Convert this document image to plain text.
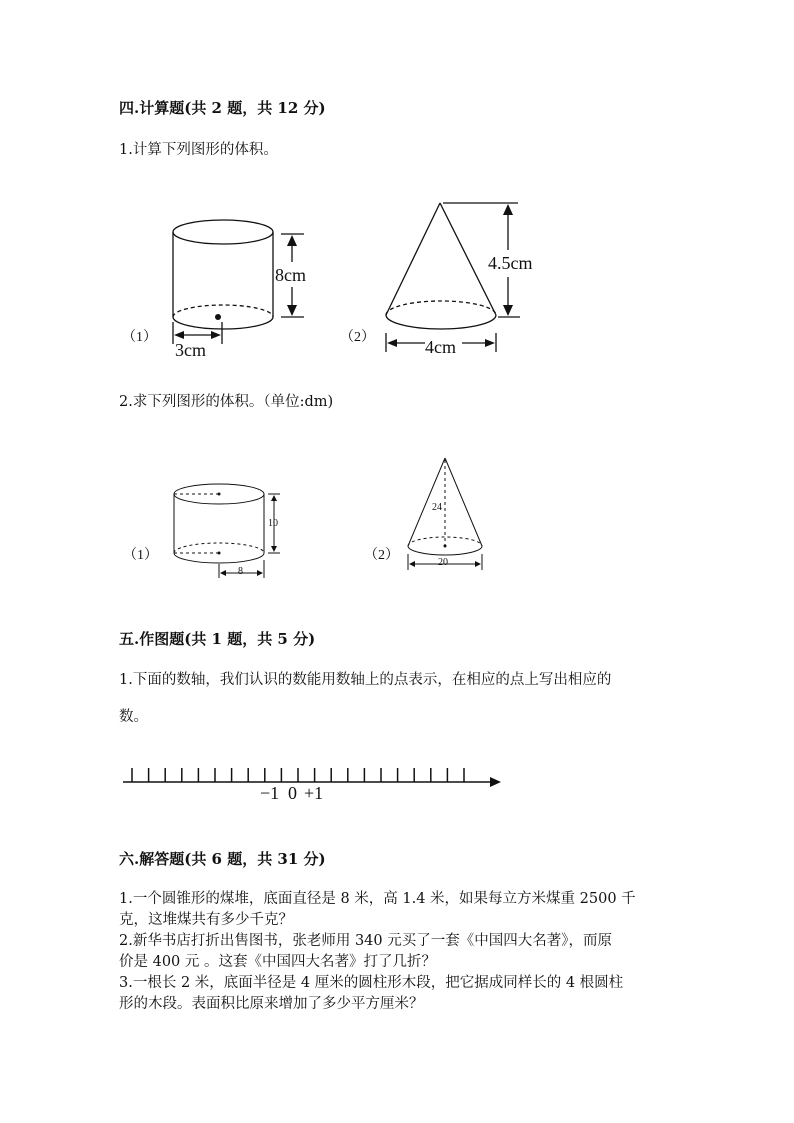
四.计算题(共 2 题，共 12 分)
1.计算下列图形的体积。
（1）
8cm
3cm
（2）
4.5cm
4cm
2.求下列图形的体积。（单位:dm)
（1）
10
8
（2）
24
20
五.作图题(共 1 题，共 5 分)
1.下面的数轴，我们认识的数能用数轴上的点表示，在相应的点上写出相应的
数。
−1 0 +1
六.解答题(共 6 题，共 31 分)
1.一个圆锥形的煤堆，底面直径是 8 米，高 1.4 米，如果每立方米煤重 2500 千
克，这堆煤共有多少千克？
2.新华书店打折出售图书，张老师用 340 元买了一套《中国四大名著》，而原
价是 400 元 。这套《中国四大名著》打了几折？
3.一根长 2 米，底面半径是 4 厘米的圆柱形木段，把它据成同样长的 4 根圆柱
形的木段。表面积比原来增加了多少平方厘米？
